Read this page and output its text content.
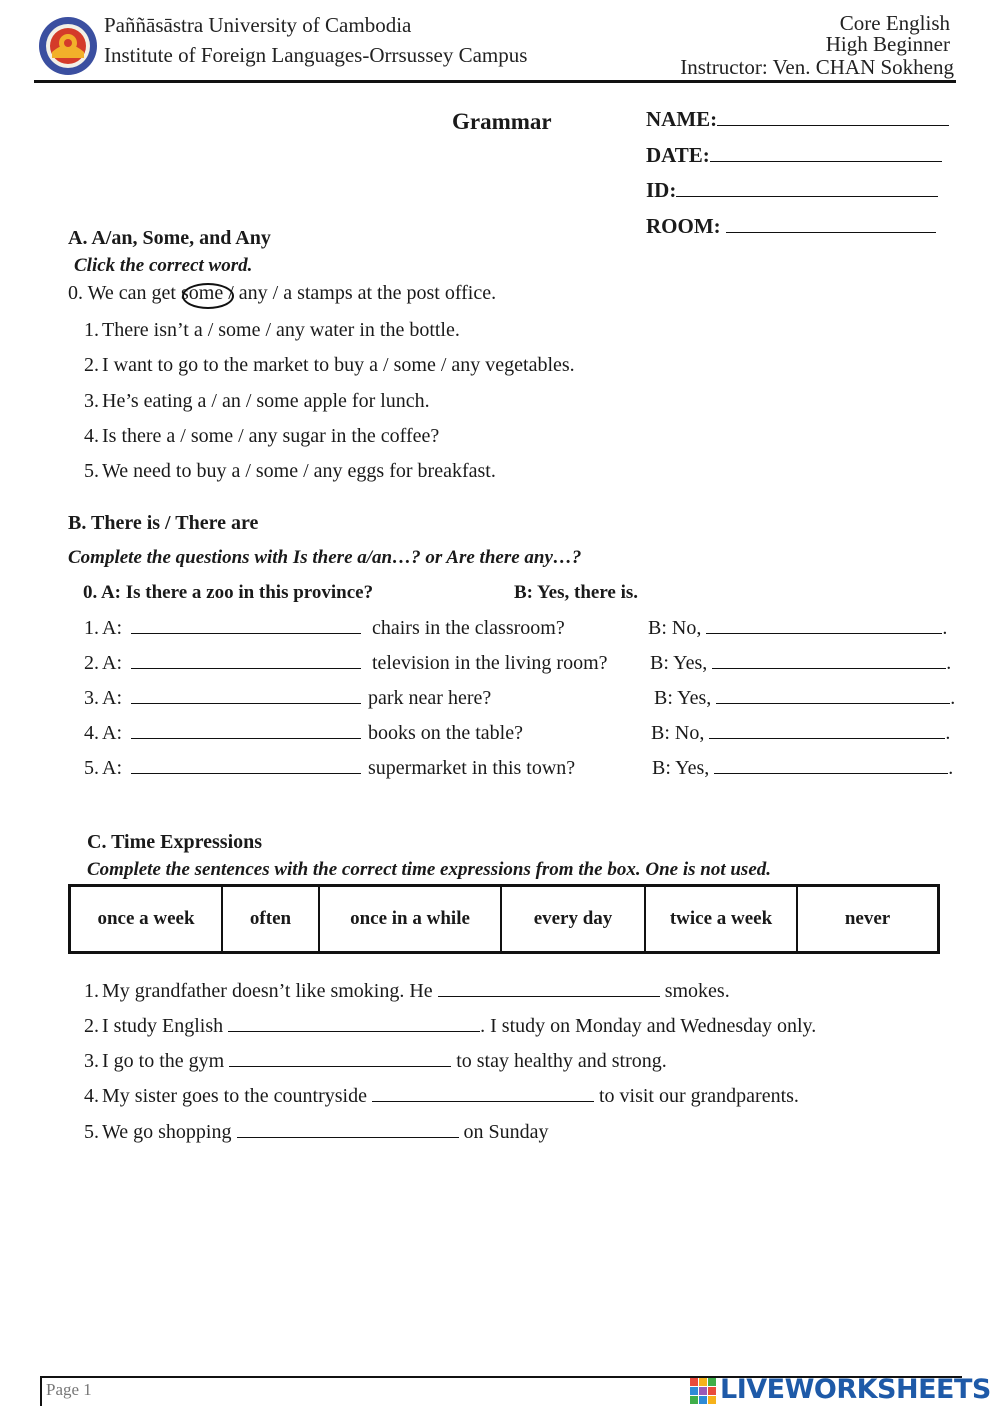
Paññāsāstra University of Cambodia
Institute of Foreign Languages-Orrsussey Campus
Core English
High Beginner
Instructor: Ven. CHAN Sokheng
Grammar	NAME:
DATE:
ID:
ROOM:
A. A/an, Some, and Any
Click the correct word.
0. We can get some / any / a stamps at the post office.
1. There isn’t a / some / any water in the bottle.
2. I want to go to the market to buy a / some / any vegetables.
3. He’s eating a / an / some apple for lunch.
4. Is there a / some / any sugar in the coffee?
5. We need to buy a / some / any eggs for breakfast.
B. There is / There are
Complete the questions with Is there a/an…? or Are there any…?
0. A: Is there a zoo in this province?	B: Yes, there is.
1. A:	chairs in the classroom?	B: No,	.
2. A:	television in the living room? B: Yes,	.
3. A:	park near here?	B: Yes,	.
4. A:	books on the table?	B: No,	.
5. A:	supermarket in this town?	B: Yes,	.
C. Time Expressions
Complete the sentences with the correct time expressions from the box. One is not used.
once a week	often	once in a while	every day	twice a week	never
1. My grandfather doesn’t like smoking. He	smokes.
2. I study English	. I study on Monday and Wednesday only.
3. I go to the gym	to stay healthy and strong.
4. My sister goes to the countryside	to visit our grandparents.
5. We go shopping	on Sunday
Page 1	LIVEWORKSHEETS
